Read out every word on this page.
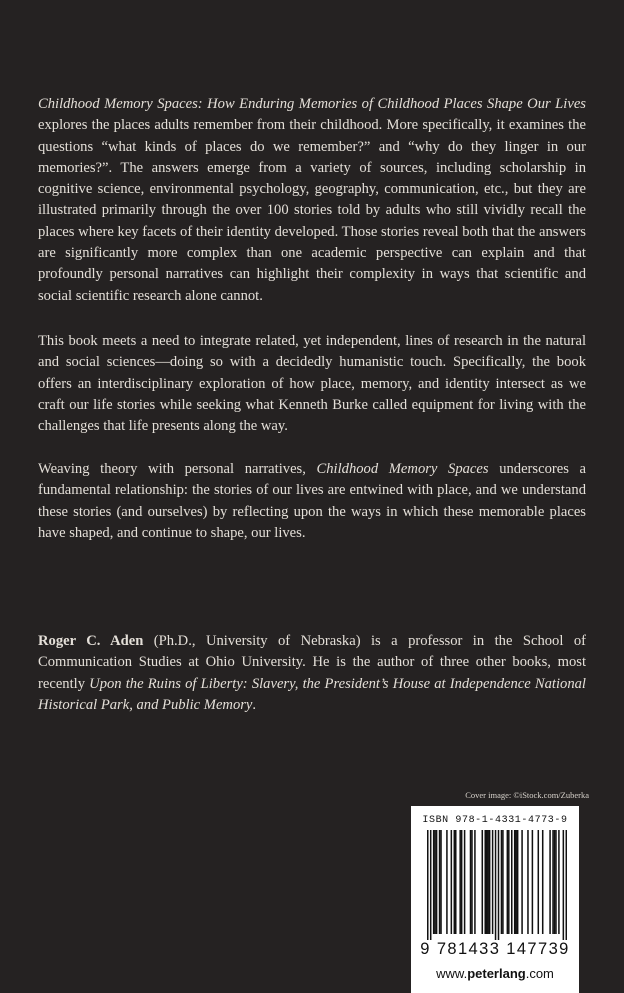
Childhood Memory Spaces: How Enduring Memories of Childhood Places Shape Our Lives explores the places adults remember from their childhood. More specifically, it examines the questions “what kinds of places do we remember?” and “why do they linger in our memories?”. The answers emerge from a variety of sources, including scholarship in cognitive science, environmental psychology, geography, communication, etc., but they are illustrated primarily through the over 100 stories told by adults who still vividly recall the places where key facets of their identity developed. Those stories reveal both that the answers are significantly more complex than one academic perspective can explain and that profoundly personal narratives can highlight their complexity in ways that scientific and social scientific research alone cannot.

This book meets a need to integrate related, yet independent, lines of research in the natural and social sciences—doing so with a decidedly humanistic touch. Specifically, the book offers an interdisciplinary exploration of how place, memory, and identity intersect as we craft our life stories while seeking what Kenneth Burke called equipment for living with the challenges that life presents along the way.

Weaving theory with personal narratives, Childhood Memory Spaces underscores a fundamental relationship: the stories of our lives are entwined with place, and we understand these stories (and ourselves) by reflecting upon the ways in which these memorable places have shaped, and continue to shape, our lives.

Roger C. Aden (Ph.D., University of Nebraska) is a professor in the School of Communication Studies at Ohio University. He is the author of three other books, most recently Upon the Ruins of Liberty: Slavery, the President’s House at Independence National Historical Park, and Public Memory.

Cover image: ©iStock.com/Zuberka
ISBN 978-1-4331-4773-9
9 781433 147739
www.peterlang.com
